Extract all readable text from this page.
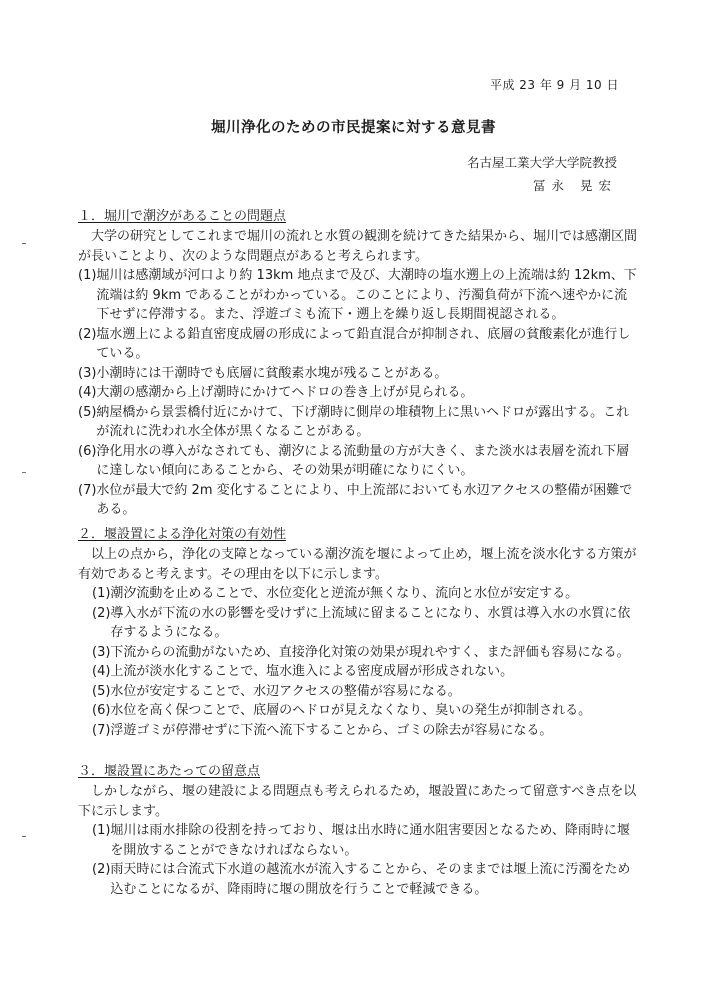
平成 23 年 9 月 10 日
堀川浄化のための市民提案に対する意見書
名古屋工業大学大学院教授
冨永 晃宏
１．堀川で潮汐があることの問題点

大学の研究としてこれまで堀川の流れと水質の観測を続けてきた結果から、堀川では感潮区間が長いことより、次のような問題点があると考えられます。

(1) 堀川は感潮域が河口より約 13km 地点まで及び、大潮時の塩水遡上の上流端は約 12km、下流端は約 9km であることがわかっている。このことにより、汚濁負荷が下流へ速やかに流下せずに停滞する。また、浮遊ゴミも流下・遡上を繰り返し長期間視認される。
(2) 塩水遡上による鉛直密度成層の形成によって鉛直混合が抑制され、底層の貧酸素化が進行している。
(3) 小潮時には干潮時でも底層に貧酸素水塊が残ることがある。
(4) 大潮の感潮から上げ潮時にかけてヘドロの巻き上げが見られる。
(5) 納屋橋から景雲橋付近にかけて、下げ潮時に側岸の堆積物上に黒いヘドロが露出する。これが流れに洗われ水全体が黒くなることがある。
(6) 浄化用水の導入がなされても、潮汐による流動量の方が大きく、また淡水は表層を流れ下層に達しない傾向にあることから、その効果が明確になりにくい。
(7) 水位が最大で約 2m 変化することにより、中上流部においても水辺アクセスの整備が困難である。
２．堰設置による浄化対策の有効性

以上の点から，浄化の支障となっている潮汐流を堰によって止め，堰上流を淡水化する方策が有効であると考えます。その理由を以下に示します。

(1) 潮汐流動を止めることで、水位変化と逆流が無くなり、流向と水位が安定する。
(2) 導入水が下流の水の影響を受けずに上流域に留まることになり、水質は導入水の水質に依存するようになる。
(3) 下流からの流動がないため、直接浄化対策の効果が現れやすく、また評価も容易になる。
(4) 上流が淡水化することで、塩水進入による密度成層が形成されない。
(5) 水位が安定することで、水辺アクセスの整備が容易になる。
(6) 水位を高く保つことで、底層のヘドロが見えなくなり、臭いの発生が抑制される。
(7) 浮遊ゴミが停滞せずに下流へ流下することから、ゴミの除去が容易になる。
３．堰設置にあたっての留意点

しかしながら、堰の建設による問題点も考えられるため，堰設置にあたって留意すべき点を以下に示します。

(1) 堀川は雨水排除の役割を持っており、堰は出水時に通水阻害要因となるため、降雨時に堰を開放することができなければならない。
(2) 雨天時には合流式下水道の越流水が流入することから、そのままでは堰上流に汚濁をため込むことになるが、降雨時に堰の開放を行うことで軽減できる。
